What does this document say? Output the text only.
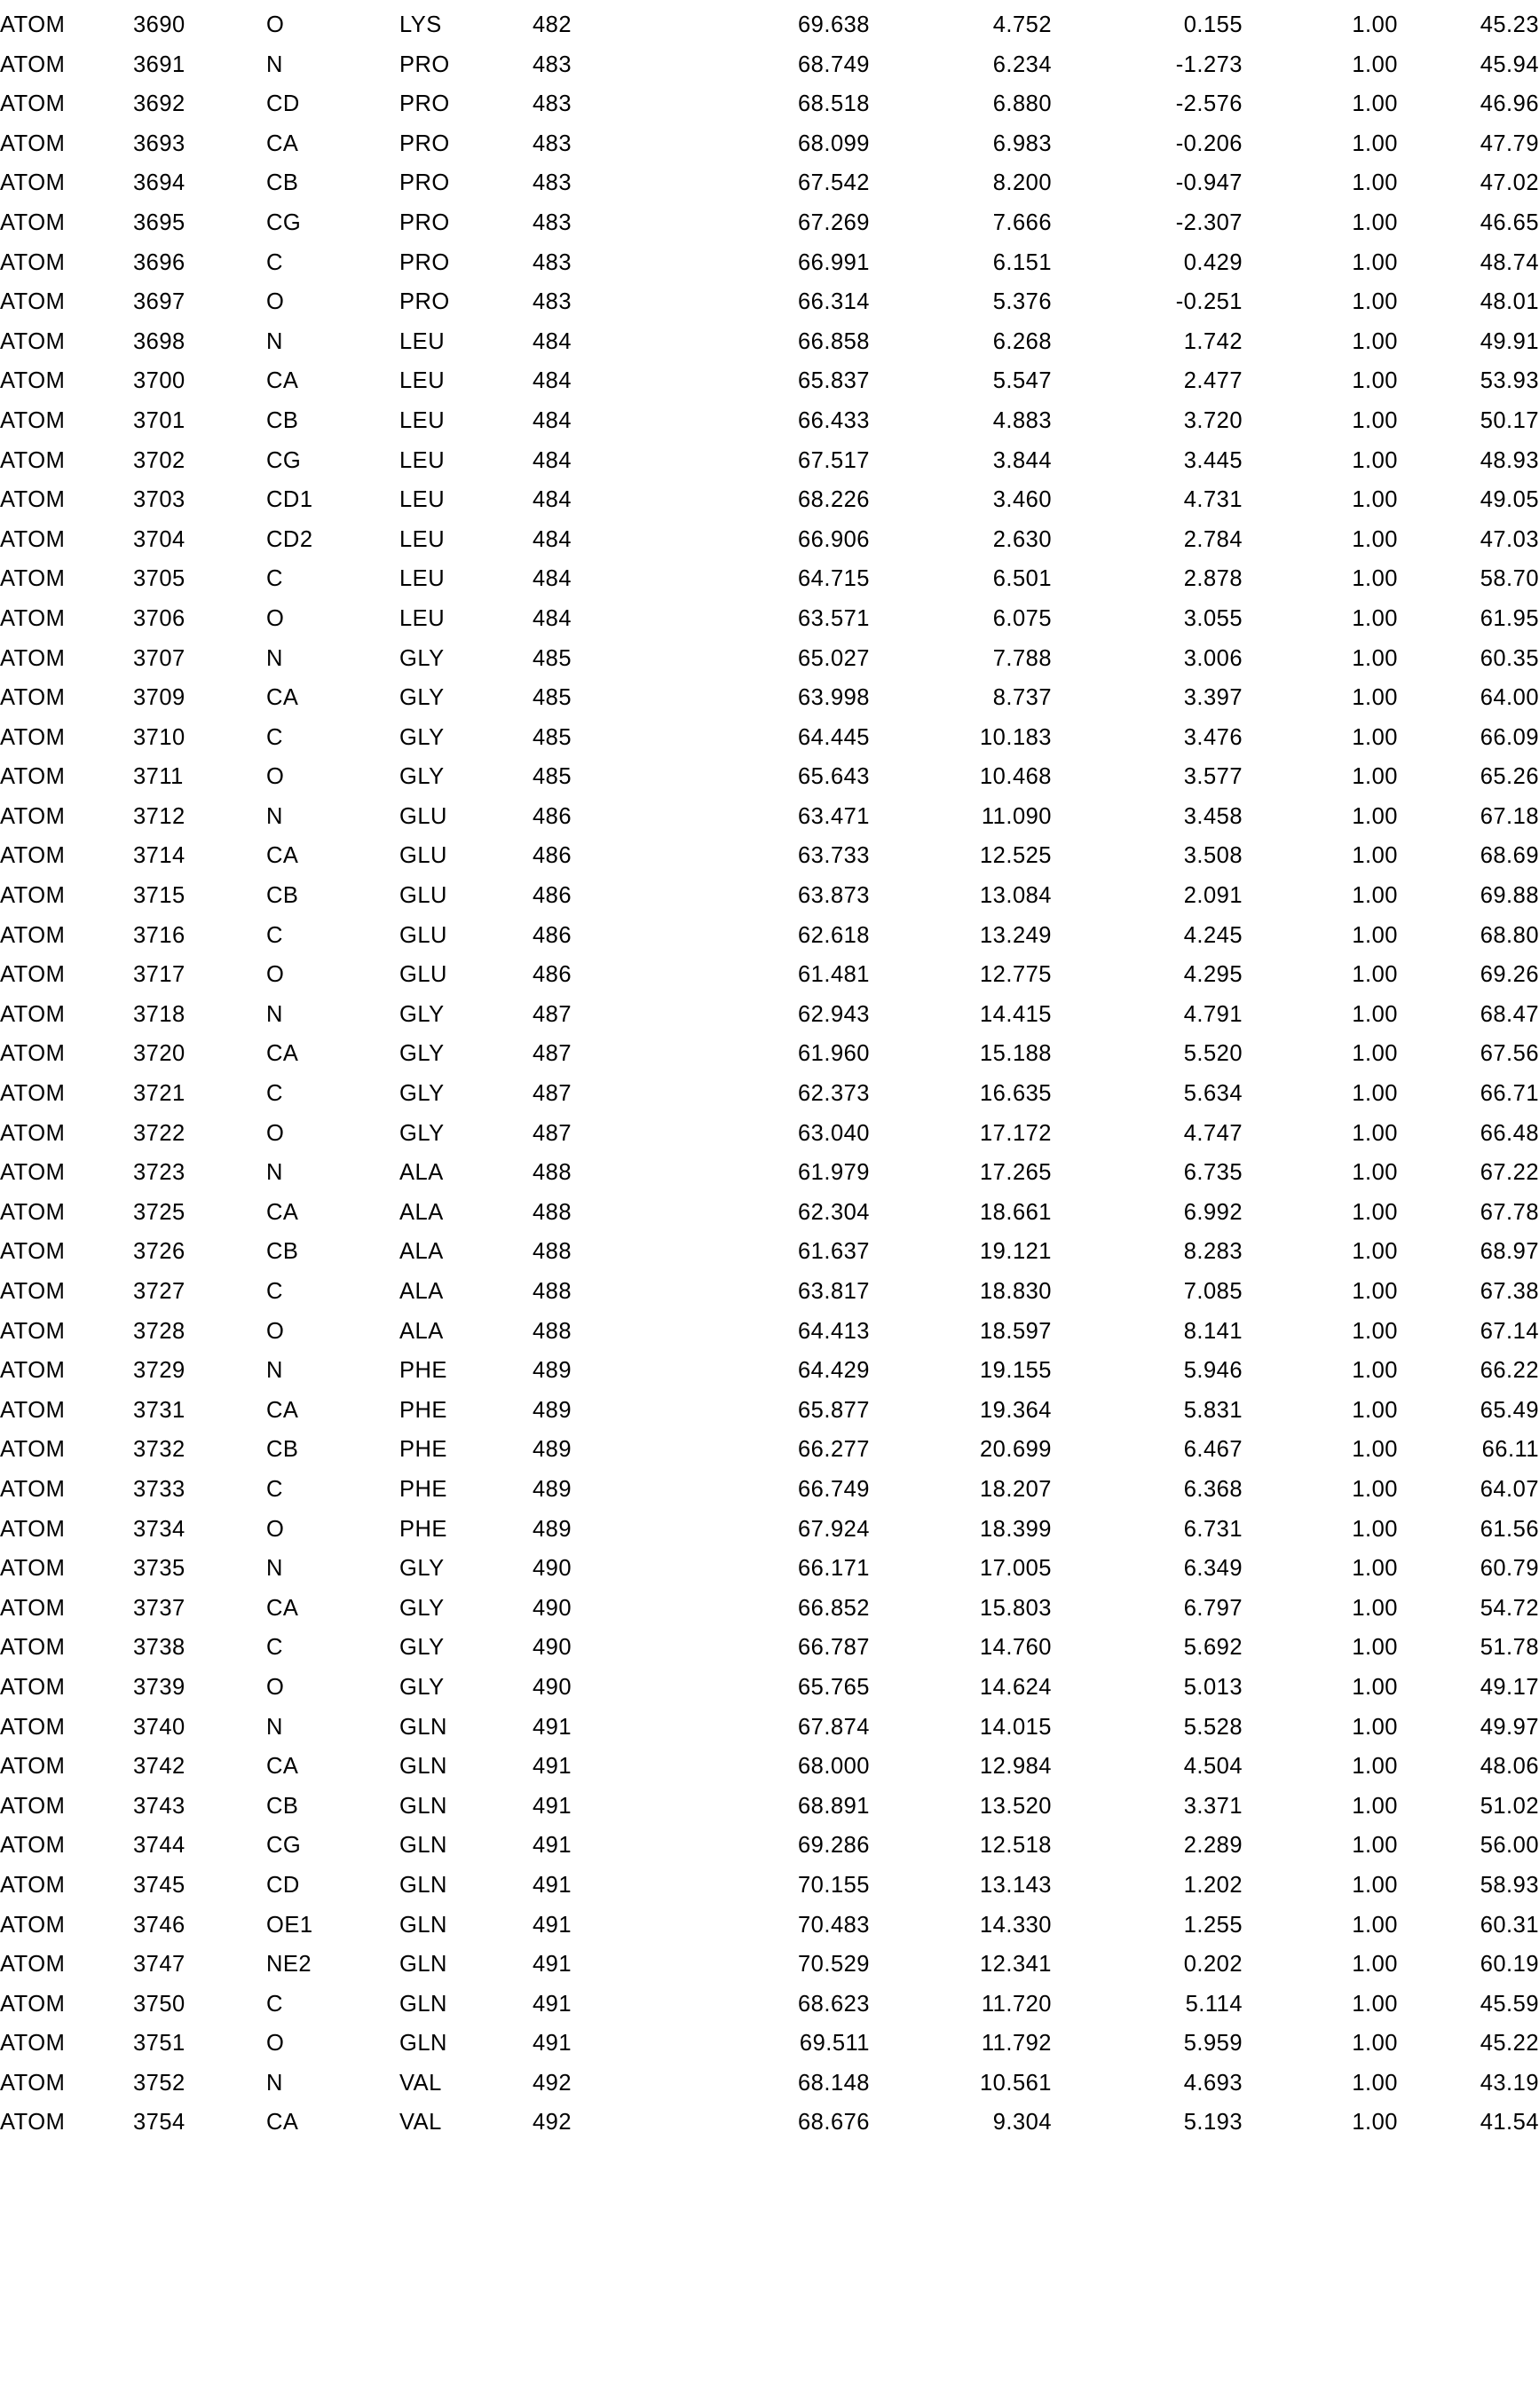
ATOM	3690	O	LYS	482	69.638	4.752	0.155	1.00	45.23
ATOM	3691	N	PRO	483	68.749	6.234	-1.273	1.00	45.94
ATOM	3692	CD	PRO	483	68.518	6.880	-2.576	1.00	46.96
ATOM	3693	CA	PRO	483	68.099	6.983	-0.206	1.00	47.79
ATOM	3694	CB	PRO	483	67.542	8.200	-0.947	1.00	47.02
ATOM	3695	CG	PRO	483	67.269	7.666	-2.307	1.00	46.65
ATOM	3696	C	PRO	483	66.991	6.151	0.429	1.00	48.74
ATOM	3697	O	PRO	483	66.314	5.376	-0.251	1.00	48.01
ATOM	3698	N	LEU	484	66.858	6.268	1.742	1.00	49.91
ATOM	3700	CA	LEU	484	65.837	5.547	2.477	1.00	53.93
ATOM	3701	CB	LEU	484	66.433	4.883	3.720	1.00	50.17
ATOM	3702	CG	LEU	484	67.517	3.844	3.445	1.00	48.93
ATOM	3703	CD1	LEU	484	68.226	3.460	4.731	1.00	49.05
ATOM	3704	CD2	LEU	484	66.906	2.630	2.784	1.00	47.03
ATOM	3705	C	LEU	484	64.715	6.501	2.878	1.00	58.70
ATOM	3706	O	LEU	484	63.571	6.075	3.055	1.00	61.95
ATOM	3707	N	GLY	485	65.027	7.788	3.006	1.00	60.35
ATOM	3709	CA	GLY	485	63.998	8.737	3.397	1.00	64.00
ATOM	3710	C	GLY	485	64.445	10.183	3.476	1.00	66.09
ATOM	3711	O	GLY	485	65.643	10.468	3.577	1.00	65.26
ATOM	3712	N	GLU	486	63.471	11.090	3.458	1.00	67.18
ATOM	3714	CA	GLU	486	63.733	12.525	3.508	1.00	68.69
ATOM	3715	CB	GLU	486	63.873	13.084	2.091	1.00	69.88
ATOM	3716	C	GLU	486	62.618	13.249	4.245	1.00	68.80
ATOM	3717	O	GLU	486	61.481	12.775	4.295	1.00	69.26
ATOM	3718	N	GLY	487	62.943	14.415	4.791	1.00	68.47
ATOM	3720	CA	GLY	487	61.960	15.188	5.520	1.00	67.56
ATOM	3721	C	GLY	487	62.373	16.635	5.634	1.00	66.71
ATOM	3722	O	GLY	487	63.040	17.172	4.747	1.00	66.48
ATOM	3723	N	ALA	488	61.979	17.265	6.735	1.00	67.22
ATOM	3725	CA	ALA	488	62.304	18.661	6.992	1.00	67.78
ATOM	3726	CB	ALA	488	61.637	19.121	8.283	1.00	68.97
ATOM	3727	C	ALA	488	63.817	18.830	7.085	1.00	67.38
ATOM	3728	O	ALA	488	64.413	18.597	8.141	1.00	67.14
ATOM	3729	N	PHE	489	64.429	19.155	5.946	1.00	66.22
ATOM	3731	CA	PHE	489	65.877	19.364	5.831	1.00	65.49
ATOM	3732	CB	PHE	489	66.277	20.699	6.467	1.00	66.11
ATOM	3733	C	PHE	489	66.749	18.207	6.368	1.00	64.07
ATOM	3734	O	PHE	489	67.924	18.399	6.731	1.00	61.56
ATOM	3735	N	GLY	490	66.171	17.005	6.349	1.00	60.79
ATOM	3737	CA	GLY	490	66.852	15.803	6.797	1.00	54.72
ATOM	3738	C	GLY	490	66.787	14.760	5.692	1.00	51.78
ATOM	3739	O	GLY	490	65.765	14.624	5.013	1.00	49.17
ATOM	3740	N	GLN	491	67.874	14.015	5.528	1.00	49.97
ATOM	3742	CA	GLN	491	68.000	12.984	4.504	1.00	48.06
ATOM	3743	CB	GLN	491	68.891	13.520	3.371	1.00	51.02
ATOM	3744	CG	GLN	491	69.286	12.518	2.289	1.00	56.00
ATOM	3745	CD	GLN	491	70.155	13.143	1.202	1.00	58.93
ATOM	3746	OE1	GLN	491	70.483	14.330	1.255	1.00	60.31
ATOM	3747	NE2	GLN	491	70.529	12.341	0.202	1.00	60.19
ATOM	3750	C	GLN	491	68.623	11.720	5.114	1.00	45.59
ATOM	3751	O	GLN	491	69.511	11.792	5.959	1.00	45.22
ATOM	3752	N	VAL	492	68.148	10.561	4.693	1.00	43.19
ATOM	3754	CA	VAL	492	68.676	9.304	5.193	1.00	41.54
